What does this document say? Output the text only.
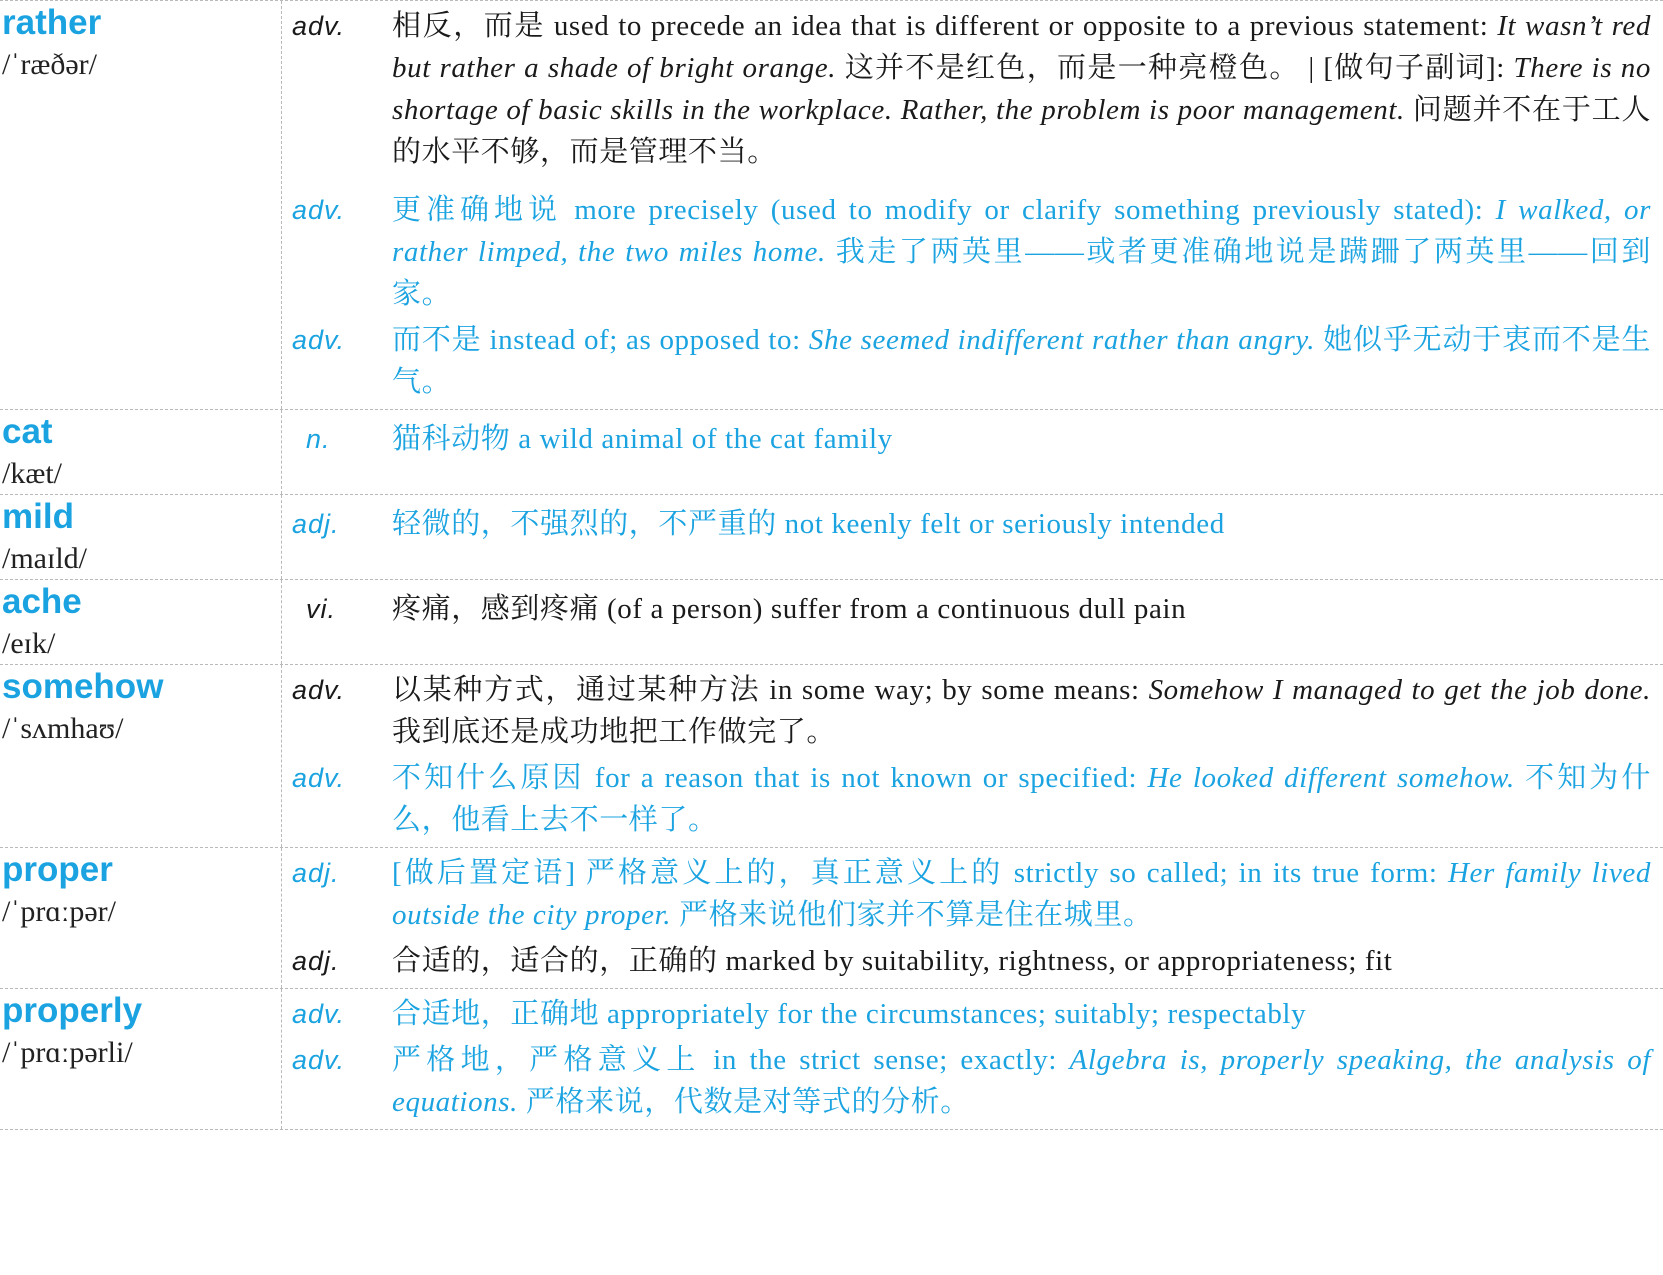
rather
/ˈræðər/
adv.	相反，而是 used to precede an idea that is different or opposite to a previous statement: It wasn’t red but rather a shade of bright orange. 这并不是红色，而是一种亮橙色。 | [做句子副词]: There is no shortage of basic skills in the workplace. Rather, the problem is poor management. 问题并不在于工人的水平不够，而是管理不当。
adv.	更准确地说 more precisely (used to modify or clarify something previously stated): I walked, or rather limped, the two miles home. 我走了两英里——或者更准确地说是蹒跚了两英里——回到家。
adv.	而不是 instead of; as opposed to: She seemed indifferent rather than angry. 她似乎无动于衷而不是生气。
cat
/kæt/
n.	猫科动物 a wild animal of the cat family
mild
/maɪld/
adj.	轻微的，不强烈的，不严重的 not keenly felt or seriously intended
ache
/eɪk/
vi.	疼痛，感到疼痛 (of a person) suffer from a continuous dull pain
somehow
/ˈsʌmhaʊ/
adv.	以某种方式，通过某种方法 in some way; by some means: Somehow I managed to get the job done. 我到底还是成功地把工作做完了。
adv.	不知什么原因 for a reason that is not known or specified: He looked different somehow. 不知为什么，他看上去不一样了。
proper
/ˈprɑːpər/
adj.	[做后置定语] 严格意义上的，真正意义上的 strictly so called; in its true form: Her family lived outside the city proper. 严格来说他们家并不算是住在城里。
adj.	合适的，适合的，正确的 marked by suitability, rightness, or appropriateness; fit
properly
/ˈprɑːpərli/
adv.	合适地，正确地 appropriately for the circumstances; suitably; respectably
adv.	严格地，严格意义上 in the strict sense; exactly: Algebra is, properly speaking, the analysis of equations. 严格来说，代数是对等式的分析。
